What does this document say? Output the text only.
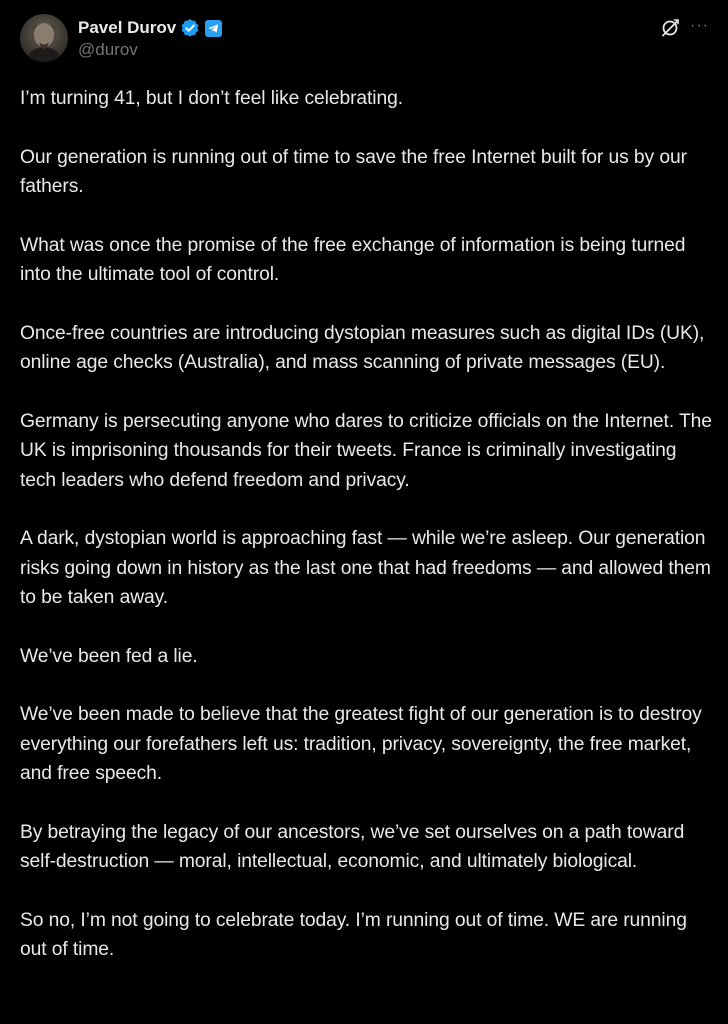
Pavel Durov
@durov
···

I’m turning 41, but I don’t feel like celebrating.

Our generation is running out of time to save the free Internet built for us by our fathers.

What was once the promise of the free exchange of information is being turned into the ultimate tool of control.

Once-free countries are introducing dystopian measures such as digital IDs (UK), online age checks (Australia), and mass scanning of private messages (EU).

Germany is persecuting anyone who dares to criticize officials on the Internet. The UK is imprisoning thousands for their tweets. France is criminally investigating tech leaders who defend freedom and privacy.

A dark, dystopian world is approaching fast — while we’re asleep. Our generation risks going down in history as the last one that had freedoms — and allowed them to be taken away.

We’ve been fed a lie.

We’ve been made to believe that the greatest fight of our generation is to destroy everything our forefathers left us: tradition, privacy, sovereignty, the free market, and free speech.

By betraying the legacy of our ancestors, we’ve set ourselves on a path toward self-destruction — moral, intellectual, economic, and ultimately biological.

So no, I’m not going to celebrate today. I’m running out of time. WE are running out of time.
